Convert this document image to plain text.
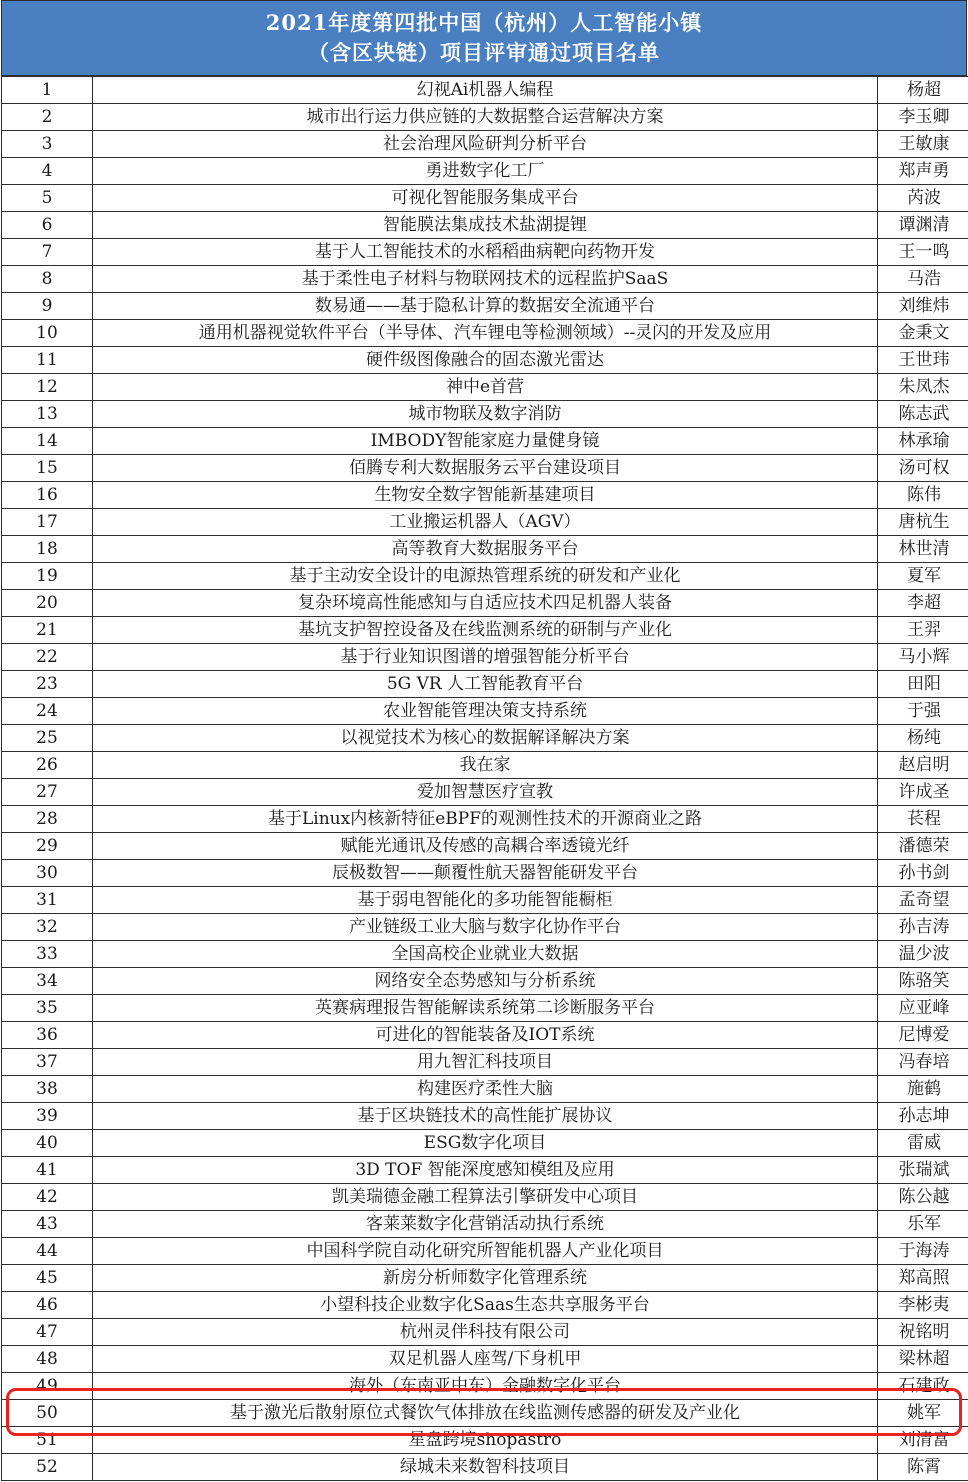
2021年度第四批中国（杭州）人工智能小镇
（含区块链）项目评审通过项目名单
1	幻视Ai机器人编程	杨超
2	城市出行运力供应链的大数据整合运营解决方案	李玉卿
3	社会治理风险研判分析平台	王敏康
4	勇进数字化工厂	郑声勇
5	可视化智能服务集成平台	芮波
6	智能膜法集成技术盐湖提锂	谭渊清
7	基于人工智能技术的水稻稻曲病靶向药物开发	王一鸣
8	基于柔性电子材料与物联网技术的远程监护SaaS	马浩
9	数易通——基于隐私计算的数据安全流通平台	刘维炜
10	通用机器视觉软件平台（半导体、汽车锂电等检测领域）--灵闪的开发及应用	金秉文
11	硬件级图像融合的固态激光雷达	王世玮
12	神中e首营	朱凤杰
13	城市物联及数字消防	陈志武
14	IMBODY智能家庭力量健身镜	林承瑜
15	佰腾专利大数据服务云平台建设项目	汤可权
16	生物安全数字智能新基建项目	陈伟
17	工业搬运机器人（AGV）	唐杭生
18	高等教育大数据服务平台	林世清
19	基于主动安全设计的电源热管理系统的研发和产业化	夏军
20	复杂环境高性能感知与自适应技术四足机器人装备	李超
21	基坑支护智控设备及在线监测系统的研制与产业化	王羿
22	基于行业知识图谱的增强智能分析平台	马小辉
23	5G VR 人工智能教育平台	田阳
24	农业智能管理决策支持系统	于强
25	以视觉技术为核心的数据解译解决方案	杨纯
26	我在家	赵启明
27	爱加智慧医疗宣教	许成圣
28	基于Linux内核新特征eBPF的观测性技术的开源商业之路	苌程
29	赋能光通讯及传感的高耦合率透镜光纤	潘德荣
30	辰极数智——颠覆性航天器智能研发平台	孙书剑
31	基于弱电智能化的多功能智能橱柜	孟奇望
32	产业链级工业大脑与数字化协作平台	孙吉涛
33	全国高校企业就业大数据	温少波
34	网络安全态势感知与分析系统	陈骆笑
35	英赛病理报告智能解读系统第二诊断服务平台	应亚峰
36	可进化的智能装备及IOT系统	尼博爱
37	用九智汇科技项目	冯春培
38	构建医疗柔性大脑	施鹤
39	基于区块链技术的高性能扩展协议	孙志坤
40	ESG数字化项目	雷威
41	3D TOF 智能深度感知模组及应用	张瑞斌
42	凯美瑞德金融工程算法引擎研发中心项目	陈公越
43	客莱莱数字化营销活动执行系统	乐军
44	中国科学院自动化研究所智能机器人产业化项目	于海涛
45	新房分析师数字化管理系统	郑高照
46	小望科技企业数字化Saas生态共享服务平台	李彬夷
47	杭州灵伴科技有限公司	祝铭明
48	双足机器人座驾/下身机甲	梁林超
49	海外（东南亚中东）金融数字化平台	石建政
50	基于激光后散射原位式餐饮气体排放在线监测传感器的研发及产业化	姚军
51	星盘跨境shopastro	刘清富
52	绿城未来数智科技项目	陈霄
